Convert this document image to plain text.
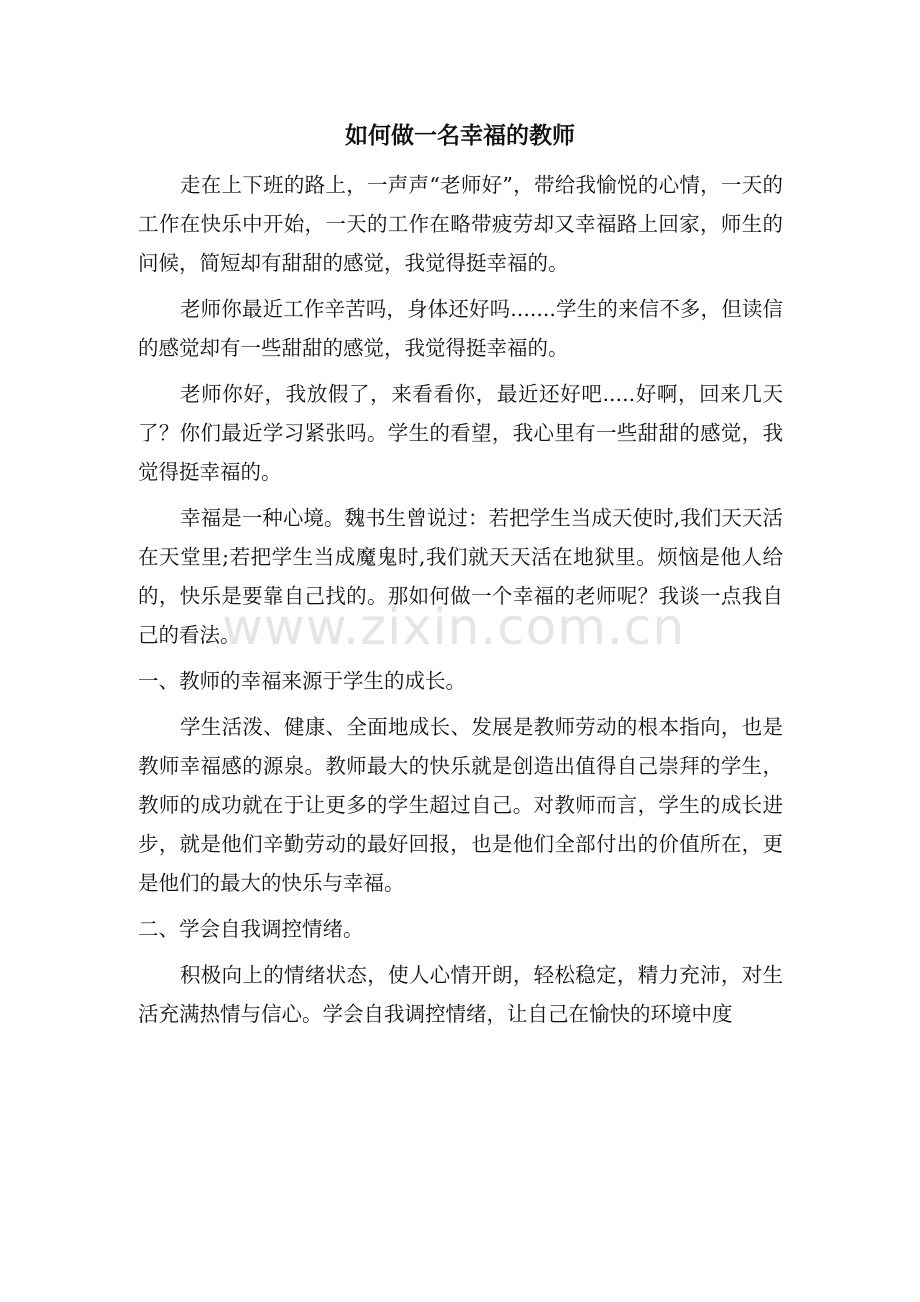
如何做一名幸福的教师

走在上下班的路上，一声声“老师好”，带给我愉悦的心情，一天的工作在快乐中开始，一天的工作在略带疲劳却又幸福路上回家，师生的问候，简短却有甜甜的感觉，我觉得挺幸福的。

老师你最近工作辛苦吗，身体还好吗.......学生的来信不多，但读信的感觉却有一些甜甜的感觉，我觉得挺幸福的。

老师你好，我放假了，来看看你，最近还好吧.....好啊，回来几天了？你们最近学习紧张吗。学生的看望，我心里有一些甜甜的感觉，我觉得挺幸福的。

幸福是一种心境。魏书生曾说过：若把学生当成天使时,我们天天活在天堂里;若把学生当成魔鬼时,我们就天天活在地狱里。烦恼是他人给的，快乐是要靠自己找的。那如何做一个幸福的老师呢？我谈一点我自己的看法。

一、教师的幸福来源于学生的成长。

学生活泼、健康、全面地成长、发展是教师劳动的根本指向，也是教师幸福感的源泉。教师最大的快乐就是创造出值得自己崇拜的学生，教师的成功就在于让更多的学生超过自己。对教师而言，学生的成长进步，就是他们辛勤劳动的最好回报，也是他们全部付出的价值所在，更是他们的最大的快乐与幸福。

二、学会自我调控情绪。

积极向上的情绪状态，使人心情开朗，轻松稳定，精力充沛，对生活充满热情与信心。学会自我调控情绪，让自己在愉快的环境中度

www.zixin.com.cn
